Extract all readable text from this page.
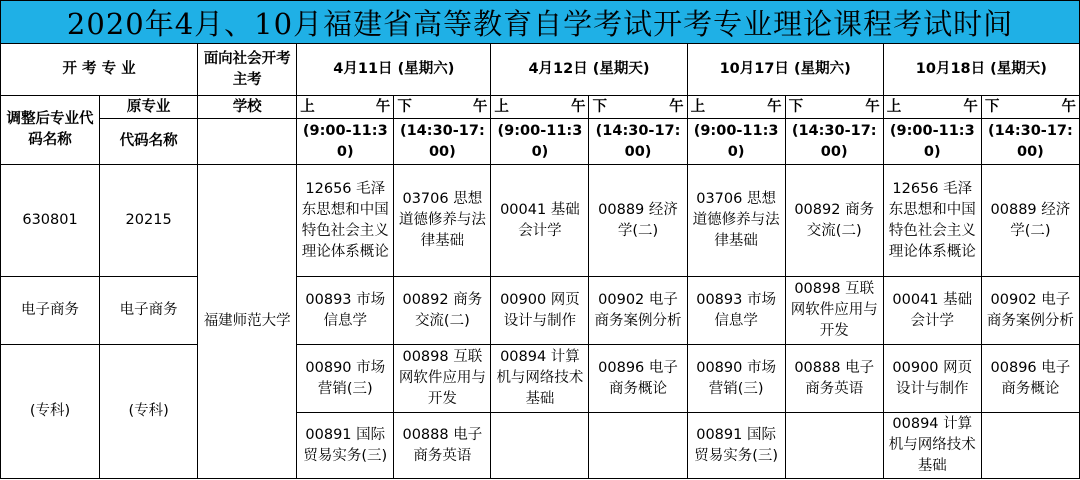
2020年4月、10月福建省高等教育自学考试开考专业理论课程考试时间
开 考 专 业		面向社会开考主考	4月11日 (星期六)		4月12日 (星期天)		10月17日 (星期六)		10月18日 (星期天)	
调整后专业代码名称	原专业	学校	上 午	下 午	上 午	下 午	上 午	下 午	上 午	下 午
	代码名称		(9:00-11:30)	(14:30-17:00)	(9:00-11:30)	(14:30-17:00)	(9:00-11:30)	(14:30-17:00)	(9:00-11:30)	(14:30-17:00)
630801	20215	福建师范大学	12656 毛泽东思想和中国特色社会主义理论体系概论	03706 思想道德修养与法律基础	00041 基础会计学	00889 经济学(二)	03706 思想道德修养与法律基础	00892 商务交流(二)	12656 毛泽东思想和中国特色社会主义理论体系概论	00889 经济学(二)
电子商务	电子商务		00893 市场信息学	00892 商务交流(二)	00900 网页设计与制作	00902 电子商务案例分析	00893 市场信息学	00898 互联网软件应用与开发	00041 基础会计学	00902 电子商务案例分析
(专科)	(专科)		00890 市场营销(三)	00898 互联网软件应用与开发	00894 计算机与网络技术基础	00896 电子商务概论	00890 市场营销(三)	00888 电子商务英语	00900 网页设计与制作	00896 电子商务概论
			00891 国际贸易实务(三)	00888 电子商务英语			00891 国际贸易实务(三)		00894 计算机与网络技术基础	
